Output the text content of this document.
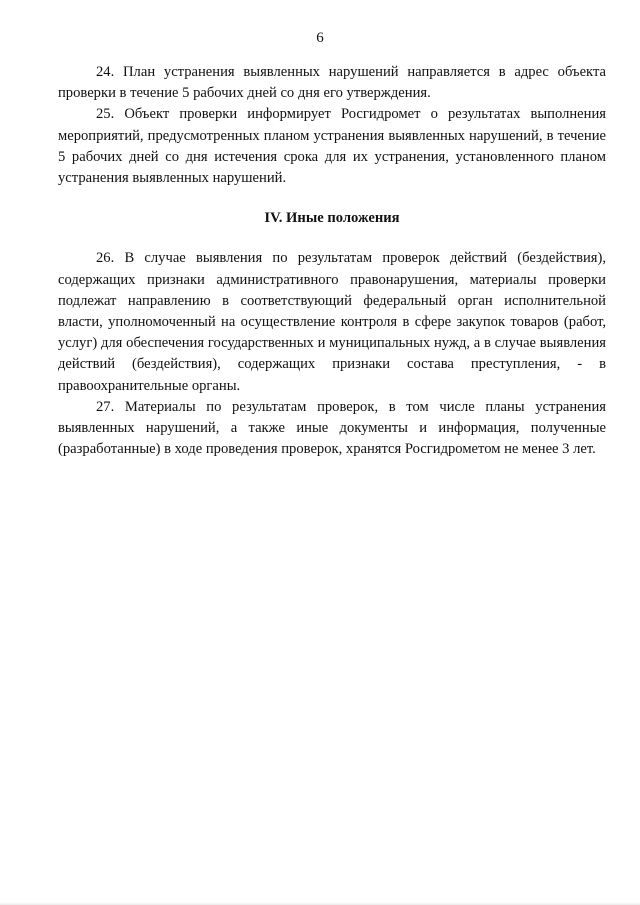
6

24. План устранения выявленных нарушений направляется в адрес объекта проверки в течение 5 рабочих дней со дня его утверждения.

25. Объект проверки информирует Росгидромет о результатах выполнения мероприятий, предусмотренных планом устранения выявленных нарушений, в течение 5 рабочих дней со дня истечения срока для их устранения, установленного планом устранения выявленных нарушений.

IV. Иные положения

26. В случае выявления по результатам проверок действий (бездействия), содержащих признаки административного правонарушения, материалы проверки подлежат направлению в соответствующий федеральный орган исполнительной власти, уполномоченный на осуществление контроля в сфере закупок товаров (работ, услуг) для обеспечения государственных и муниципальных нужд, а в случае выявления действий (бездействия), содержащих признаки состава преступления, - в правоохранительные органы.

27. Материалы по результатам проверок, в том числе планы устранения выявленных нарушений, а также иные документы и информация, полученные (разработанные) в ходе проведения проверок, хранятся Росгидрометом не менее 3 лет.
